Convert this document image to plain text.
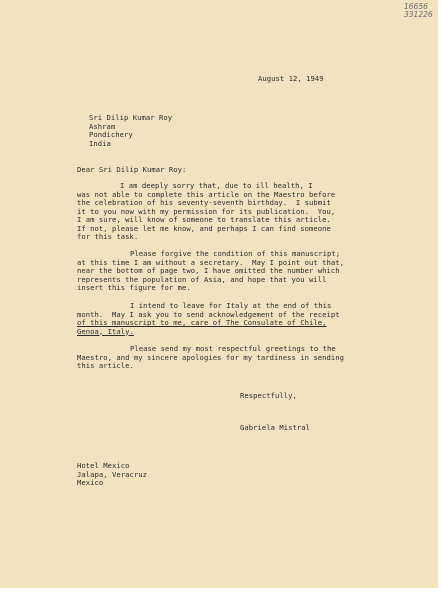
16656
331226

August 12, 1949

Sri Dilip Kumar Roy

Ashram

Pondichery

India

Dear Sri Dilip Kumar Roy:

I am deeply sorry that, due to ill health, I

was not able to complete this article on the Maestro before

the celebration of his seventy-seventh birthday.  I submit

it to you now with my permission for its publication.  You,

I am sure, will know of someone to translate this article.

If not, please let me know, and perhaps I can find someone

for this task.

Please forgive the condition of this manuscript;

at this time I am without a secretary.  May I point out that,

near the bottom of page two, I have omitted the number which

represents the population of Asia, and hope that you will

insert this figure for me.

I intend to leave for Italy at the end of this

month.  May I ask you to send acknowledgement of the receipt

of this manuscript to me, care of The Consulate of Chile,

Genoa, Italy.

Please send my most respectful greetings to the

Maestro, and my sincere apologies for my tardiness in sending

this article.

Respectfully,

Gabriela Mistral

Hotel Mexico

Jalapa, Veracruz

Mexico
